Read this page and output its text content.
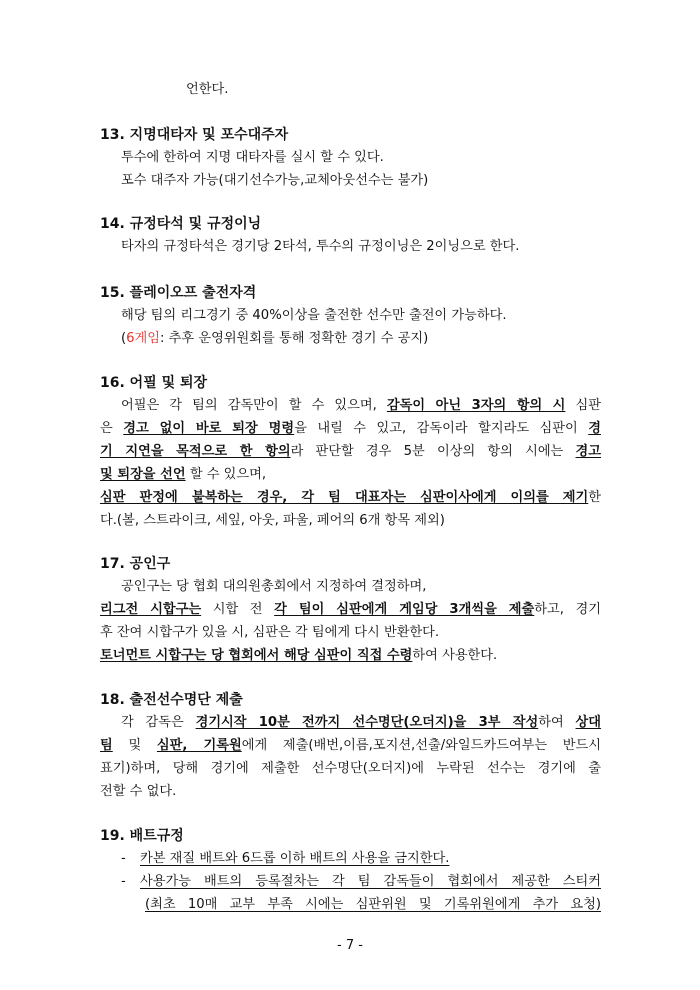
언한다.
13. 지명대타자 및 포수대주자
투수에 한하여 지명 대타자를 실시 할 수 있다.
포수 대주자 가능(대기선수가능,교체아웃선수는 불가)
14. 규정타석 및 규정이닝
타자의 규정타석은 경기당 2타석, 투수의 규정이닝은 2이닝으로 한다.
15. 플레이오프 출전자격
해당 팀의 리그경기 중 40%이상을 출전한 선수만 출전이 가능하다.
(6게임: 추후 운영위원회를 통해 정확한 경기 수 공지)
16. 어필 및 퇴장
어필은 각 팀의 감독만이 할 수 있으며, 감독이 아닌 3자의 항의 시 심판
은 경고 없이 바로 퇴장 명령을 내릴 수 있고, 감독이라 할지라도 심판이 경
기 지연을 목적으로 한 항의라 판단할 경우 5분 이상의 항의 시에는 경고
및 퇴장을 선언 할 수 있으며,
심판 판정에 불복하는 경우, 각 팀 대표자는 심판이사에게 이의를 제기한
다.(볼, 스트라이크, 세잎, 아웃, 파울, 페어의 6개 항목 제외)
17. 공인구
공인구는 당 협회 대의원총회에서 지정하여 결정하며,
리그전 시합구는 시합 전 각 팀이 심판에게 게임당 3개씩을 제출하고, 경기
후 잔여 시합구가 있을 시, 심판은 각 팀에게 다시 반환한다.
토너먼트 시합구는 당 협회에서 해당 심판이 직접 수령하여 사용한다.
18. 출전선수명단 제출
각 감독은 경기시작 10분 전까지 선수명단(오더지)을 3부 작성하여 상대
팀 및 심판, 기록원에게 제출(배번,이름,포지션,선출/와일드카드여부는 반드시
표기)하며, 당해 경기에 제출한 선수명단(오더지)에 누락된 선수는 경기에 출
전할 수 없다.
19. 배트규정
- 카본 재질 배트와 6드롭 이하 배트의 사용을 금지한다.
- 사용가능 배트의 등록절차는 각 팀 감독들이 협회에서 제공한 스티커
(최초 10매 교부 부족 시에는 심판위원 및 기록위원에게 추가 요청)
- 7 -
